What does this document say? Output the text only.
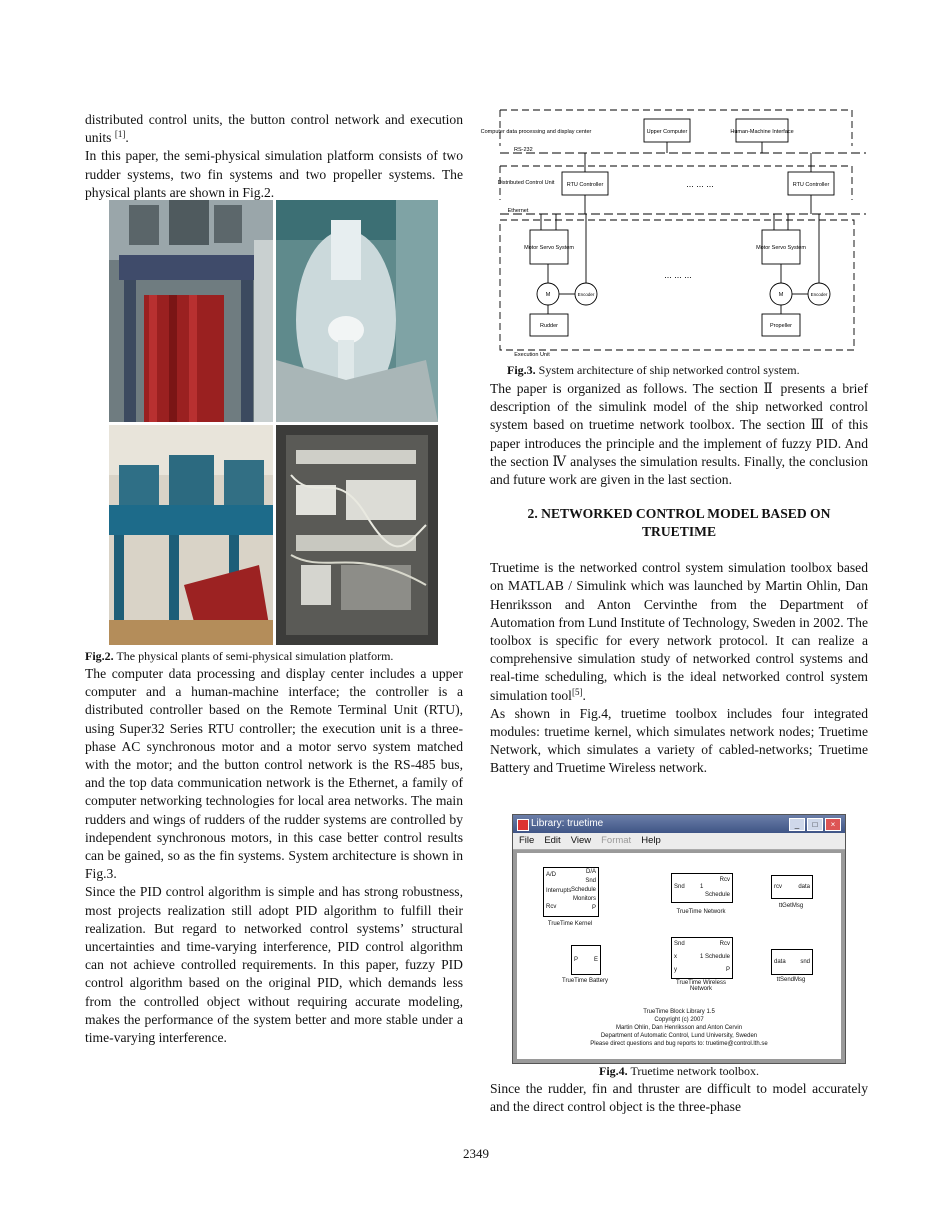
distributed control units, the button control network and execution units [1].

In this paper, the semi-physical simulation platform consists of two rudder systems, two fin systems and two propeller systems. The physical plants are shown in Fig.2.

Fig.2. The physical plants of semi-physical simulation platform.

The computer data processing and display center includes a upper computer and a human-machine interface; the controller is a distributed controller based on the Remote Terminal Unit (RTU), using Super32 Series RTU controller; the execution unit is a three-phase AC synchronous motor and a motor servo system matched with the motor; and the button control network is the RS-485 bus, and the top data communication network is the Ethernet, a family of computer networking technologies for local area networks. The main rudders and wings of rudders of the rudder systems are controlled by independent synchronous motors, in this case better control results can be gained, so as the fin systems. System architecture is shown in Fig.3.

Since the PID control algorithm is simple and has strong robustness, most projects realization still adopt PID algorithm to fulfill their realization. But regard to networked control systems’ structural uncertainties and time-varying interference, PID control algorithm can not achieve controlled requirements. In this paper, fuzzy PID control algorithm based on the original PID, which demands less from the controlled object without requiring accurate modeling, makes the performance of the system better and more stable under a time-varying interference.

Computer data processing and display center	Upper Computer	Human-Machine Interface
RS-232
Distributed Control Unit RTU Controller	RTU Controller
... ... ...
Ethernet
Motor Servo System	Motor Servo System
M	M
Encoder	Encoder
... ... ...
Rudder	Propeller
Execution Unit
Fig.3. System architecture of ship networked control system.

The paper is organized as follows. The section Ⅱ presents a brief description of the simulink model of the ship networked control system based on truetime network toolbox. The section Ⅲ of this paper introduces the principle and the implement of fuzzy PID. And the section Ⅳ analyses the simulation results. Finally, the conclusion and future work are given in the last section.

2. NETWORKED CONTROL MODEL BASED ON TRUETIME

Truetime is the networked control system simulation toolbox based on MATLAB / Simulink which was launched by Martin Ohlin, Dan Henriksson and Anton Cervinthe from the Department of Automation from Lund Institute of Technology, Sweden in 2002. The toolbox is specific for every network protocol. It can realize a comprehensive simulation study of networked control systems and real-time scheduling, which is the ideal networked control system simulation tool[5].

As shown in Fig.4, truetime toolbox includes four integrated modules: truetime kernel, which simulates network nodes; Truetime Network, which simulates a variety of cabled-networks; Truetime Battery and Truetime Wireless network.

Library: truetime	_	□	×
File Edit View Format Help
A/D
Interrupts
Rcv
D/A
Snd
Schedule
Monitors
P
TrueTime Kernel
Snd	1
Rcv
Schedule
TrueTime Network
rcv	data
ttGetMsg
P	E
TrueTime Battery
Snd
x
y
1
Rcv
Schedule
P
TrueTime Wireless Network
data snd
ttSendMsg
TrueTime Block Library 1.5
Copyright (c) 2007
Martin Ohlin, Dan Henriksson and Anton Cervin
Department of Automatic Control, Lund University, Sweden
Please direct questions and bug reports to: truetime@control.lth.se
Fig.4. Truetime network toolbox.

Since the rudder, fin and thruster are difficult to model accurately and the direct control object is the three-phase

2349
